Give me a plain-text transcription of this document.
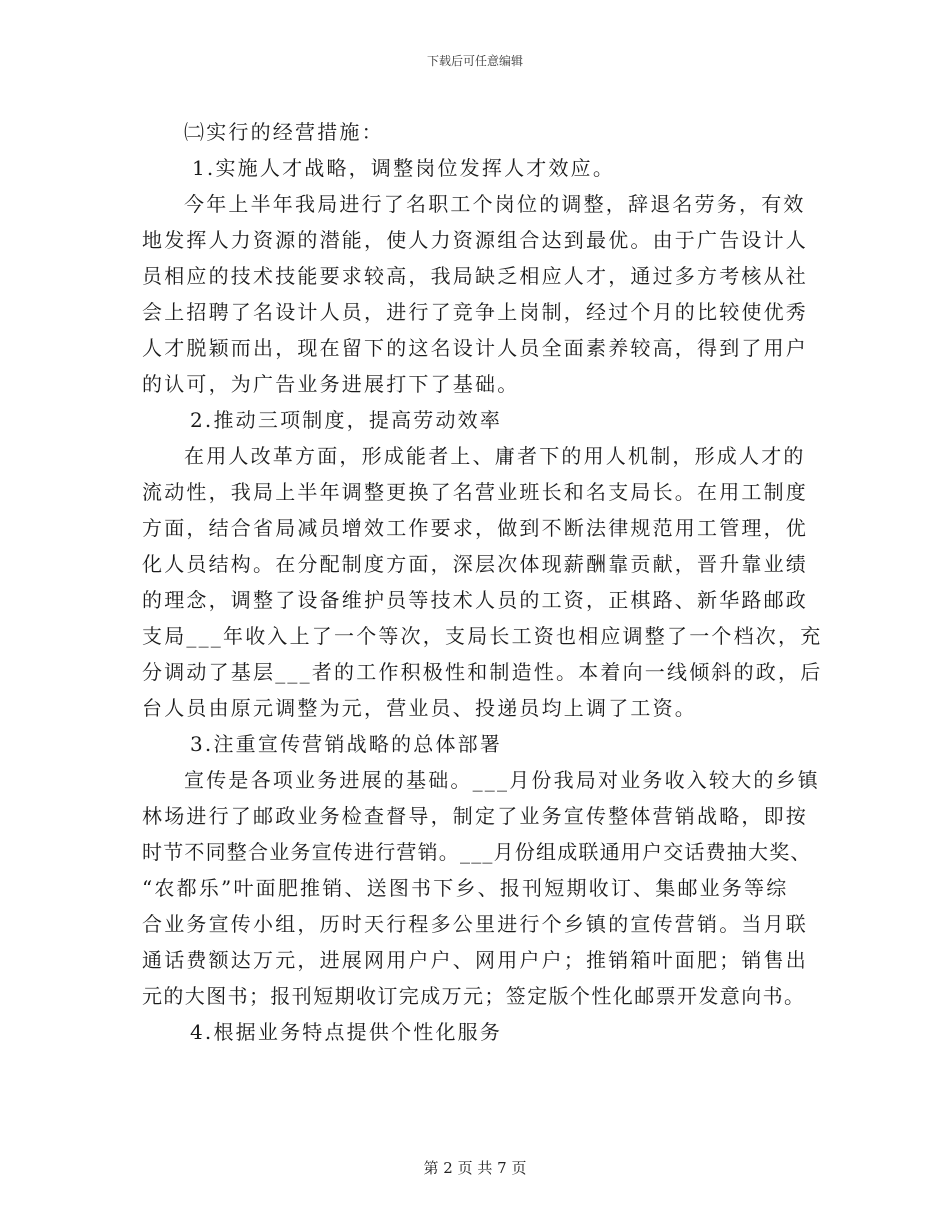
下载后可任意编辑
㈡实行的经营措施：
1.实施人才战略，调整岗位发挥人才效应。
今年上半年我局进行了名职工个岗位的调整，辞退名劳务，有效
地发挥人力资源的潜能，使人力资源组合达到最优。由于广告设计人
员相应的技术技能要求较高，我局缺乏相应人才，通过多方考核从社
会上招聘了名设计人员，进行了竞争上岗制，经过个月的比较使优秀
人才脱颖而出，现在留下的这名设计人员全面素养较高，得到了用户
的认可，为广告业务进展打下了基础。
2.推动三项制度，提高劳动效率
在用人改革方面，形成能者上、庸者下的用人机制，形成人才的
流动性，我局上半年调整更换了名营业班长和名支局长。在用工制度
方面，结合省局减员增效工作要求，做到不断法律规范用工管理，优
化人员结构。在分配制度方面，深层次体现薪酬靠贡献，晋升靠业绩
的理念，调整了设备维护员等技术人员的工资，正棋路、新华路邮政
支局___年收入上了一个等次，支局长工资也相应调整了一个档次，充
分调动了基层___者的工作积极性和制造性。本着向一线倾斜的政，后
台人员由原元调整为元，营业员、投递员均上调了工资。
3.注重宣传营销战略的总体部署
宣传是各项业务进展的基础。___月份我局对业务收入较大的乡镇
林场进行了邮政业务检查督导，制定了业务宣传整体营销战略，即按
时节不同整合业务宣传进行营销。___月份组成联通用户交话费抽大奖、
“农都乐”叶面肥推销、送图书下乡、报刊短期收订、集邮业务等综
合业务宣传小组，历时天行程多公里进行个乡镇的宣传营销。当月联
通话费额达万元，进展网用户户、网用户户；推销箱叶面肥；销售出
元的大图书；报刊短期收订完成万元；签定版个性化邮票开发意向书。
4.根据业务特点提供个性化服务
第 2 页 共 7 页
